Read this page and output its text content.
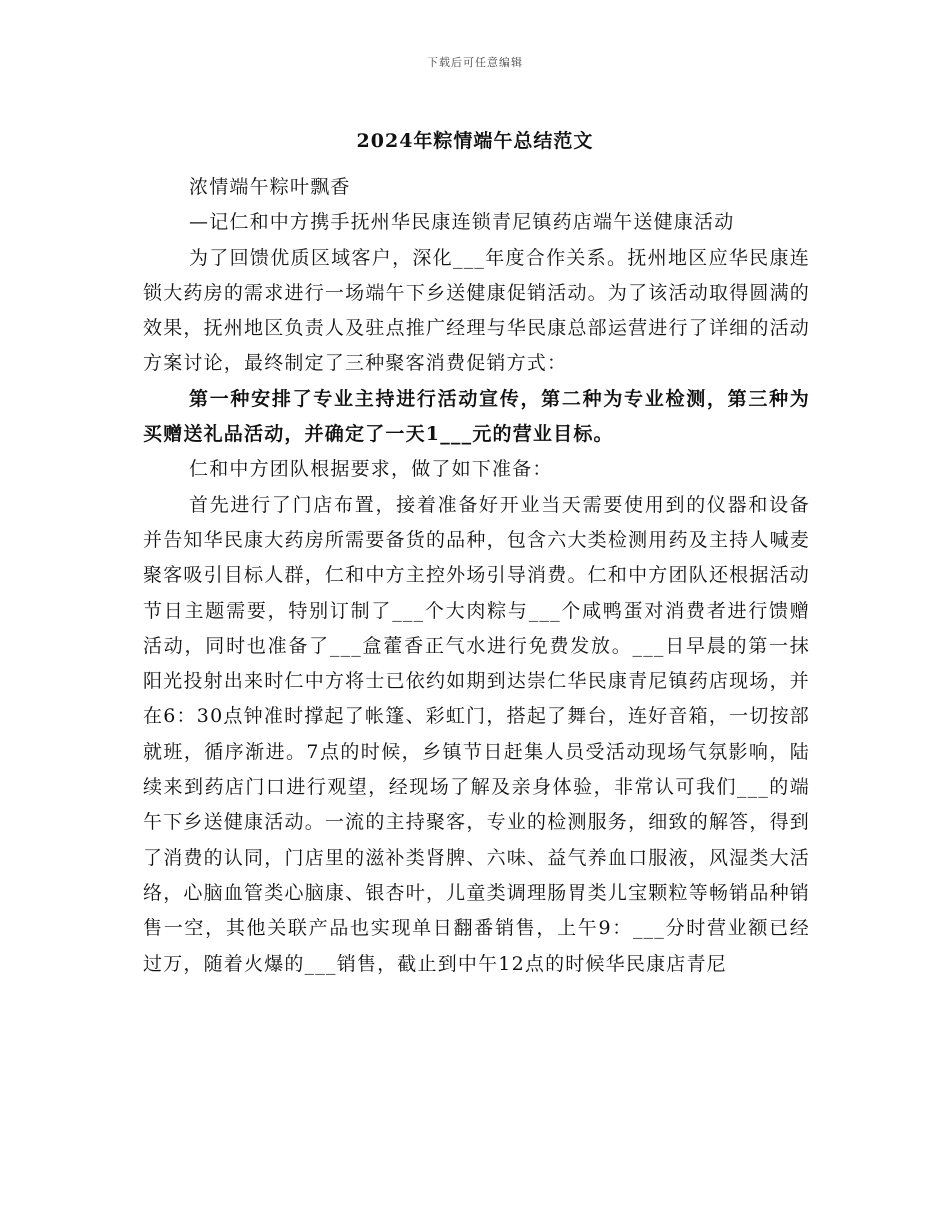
下载后可任意编辑
2024年粽情端午总结范文

浓情端午粽叶飘香

—记仁和中方携手抚州华民康连锁青尼镇药店端午送健康活动

为了回馈优质区域客户，深化___年度合作关系。抚州地区应华民康连锁大药房的需求进行一场端午下乡送健康促销活动。为了该活动取得圆满的效果，抚州地区负责人及驻点推广经理与华民康总部运营进行了详细的活动方案讨论，最终制定了三种聚客消费促销方式：

第一种安排了专业主持进行活动宣传，第二种为专业检测，第三种为买赠送礼品活动，并确定了一天1___元的营业目标。

仁和中方团队根据要求，做了如下准备：

首先进行了门店布置，接着准备好开业当天需要使用到的仪器和设备并告知华民康大药房所需要备货的品种，包含六大类检测用药及主持人喊麦聚客吸引目标人群，仁和中方主控外场引导消费。仁和中方团队还根据活动节日主题需要，特别订制了___个大肉粽与___个咸鸭蛋对消费者进行馈赠活动，同时也准备了___盒藿香正气水进行免费发放。___日早晨的第一抹阳光投射出来时仁中方将士已依约如期到达崇仁华民康青尼镇药店现场，并在6：30点钟准时撑起了帐篷、彩虹门，搭起了舞台，连好音箱，一切按部就班，循序渐进。7点的时候，乡镇节日赶集人员受活动现场气氛影响，陆续来到药店门口进行观望，经现场了解及亲身体验，非常认可我们___的端午下乡送健康活动。一流的主持聚客，专业的检测服务，细致的解答，得到了消费的认同，门店里的滋补类肾脾、六味、益气养血口服液，风湿类大活络，心脑血管类心脑康、银杏叶，儿童类调理肠胃类儿宝颗粒等畅销品种销售一空，其他关联产品也实现单日翻番销售，上午9：___分时营业额已经过万，随着火爆的___销售，截止到中午12点的时候华民康店青尼
